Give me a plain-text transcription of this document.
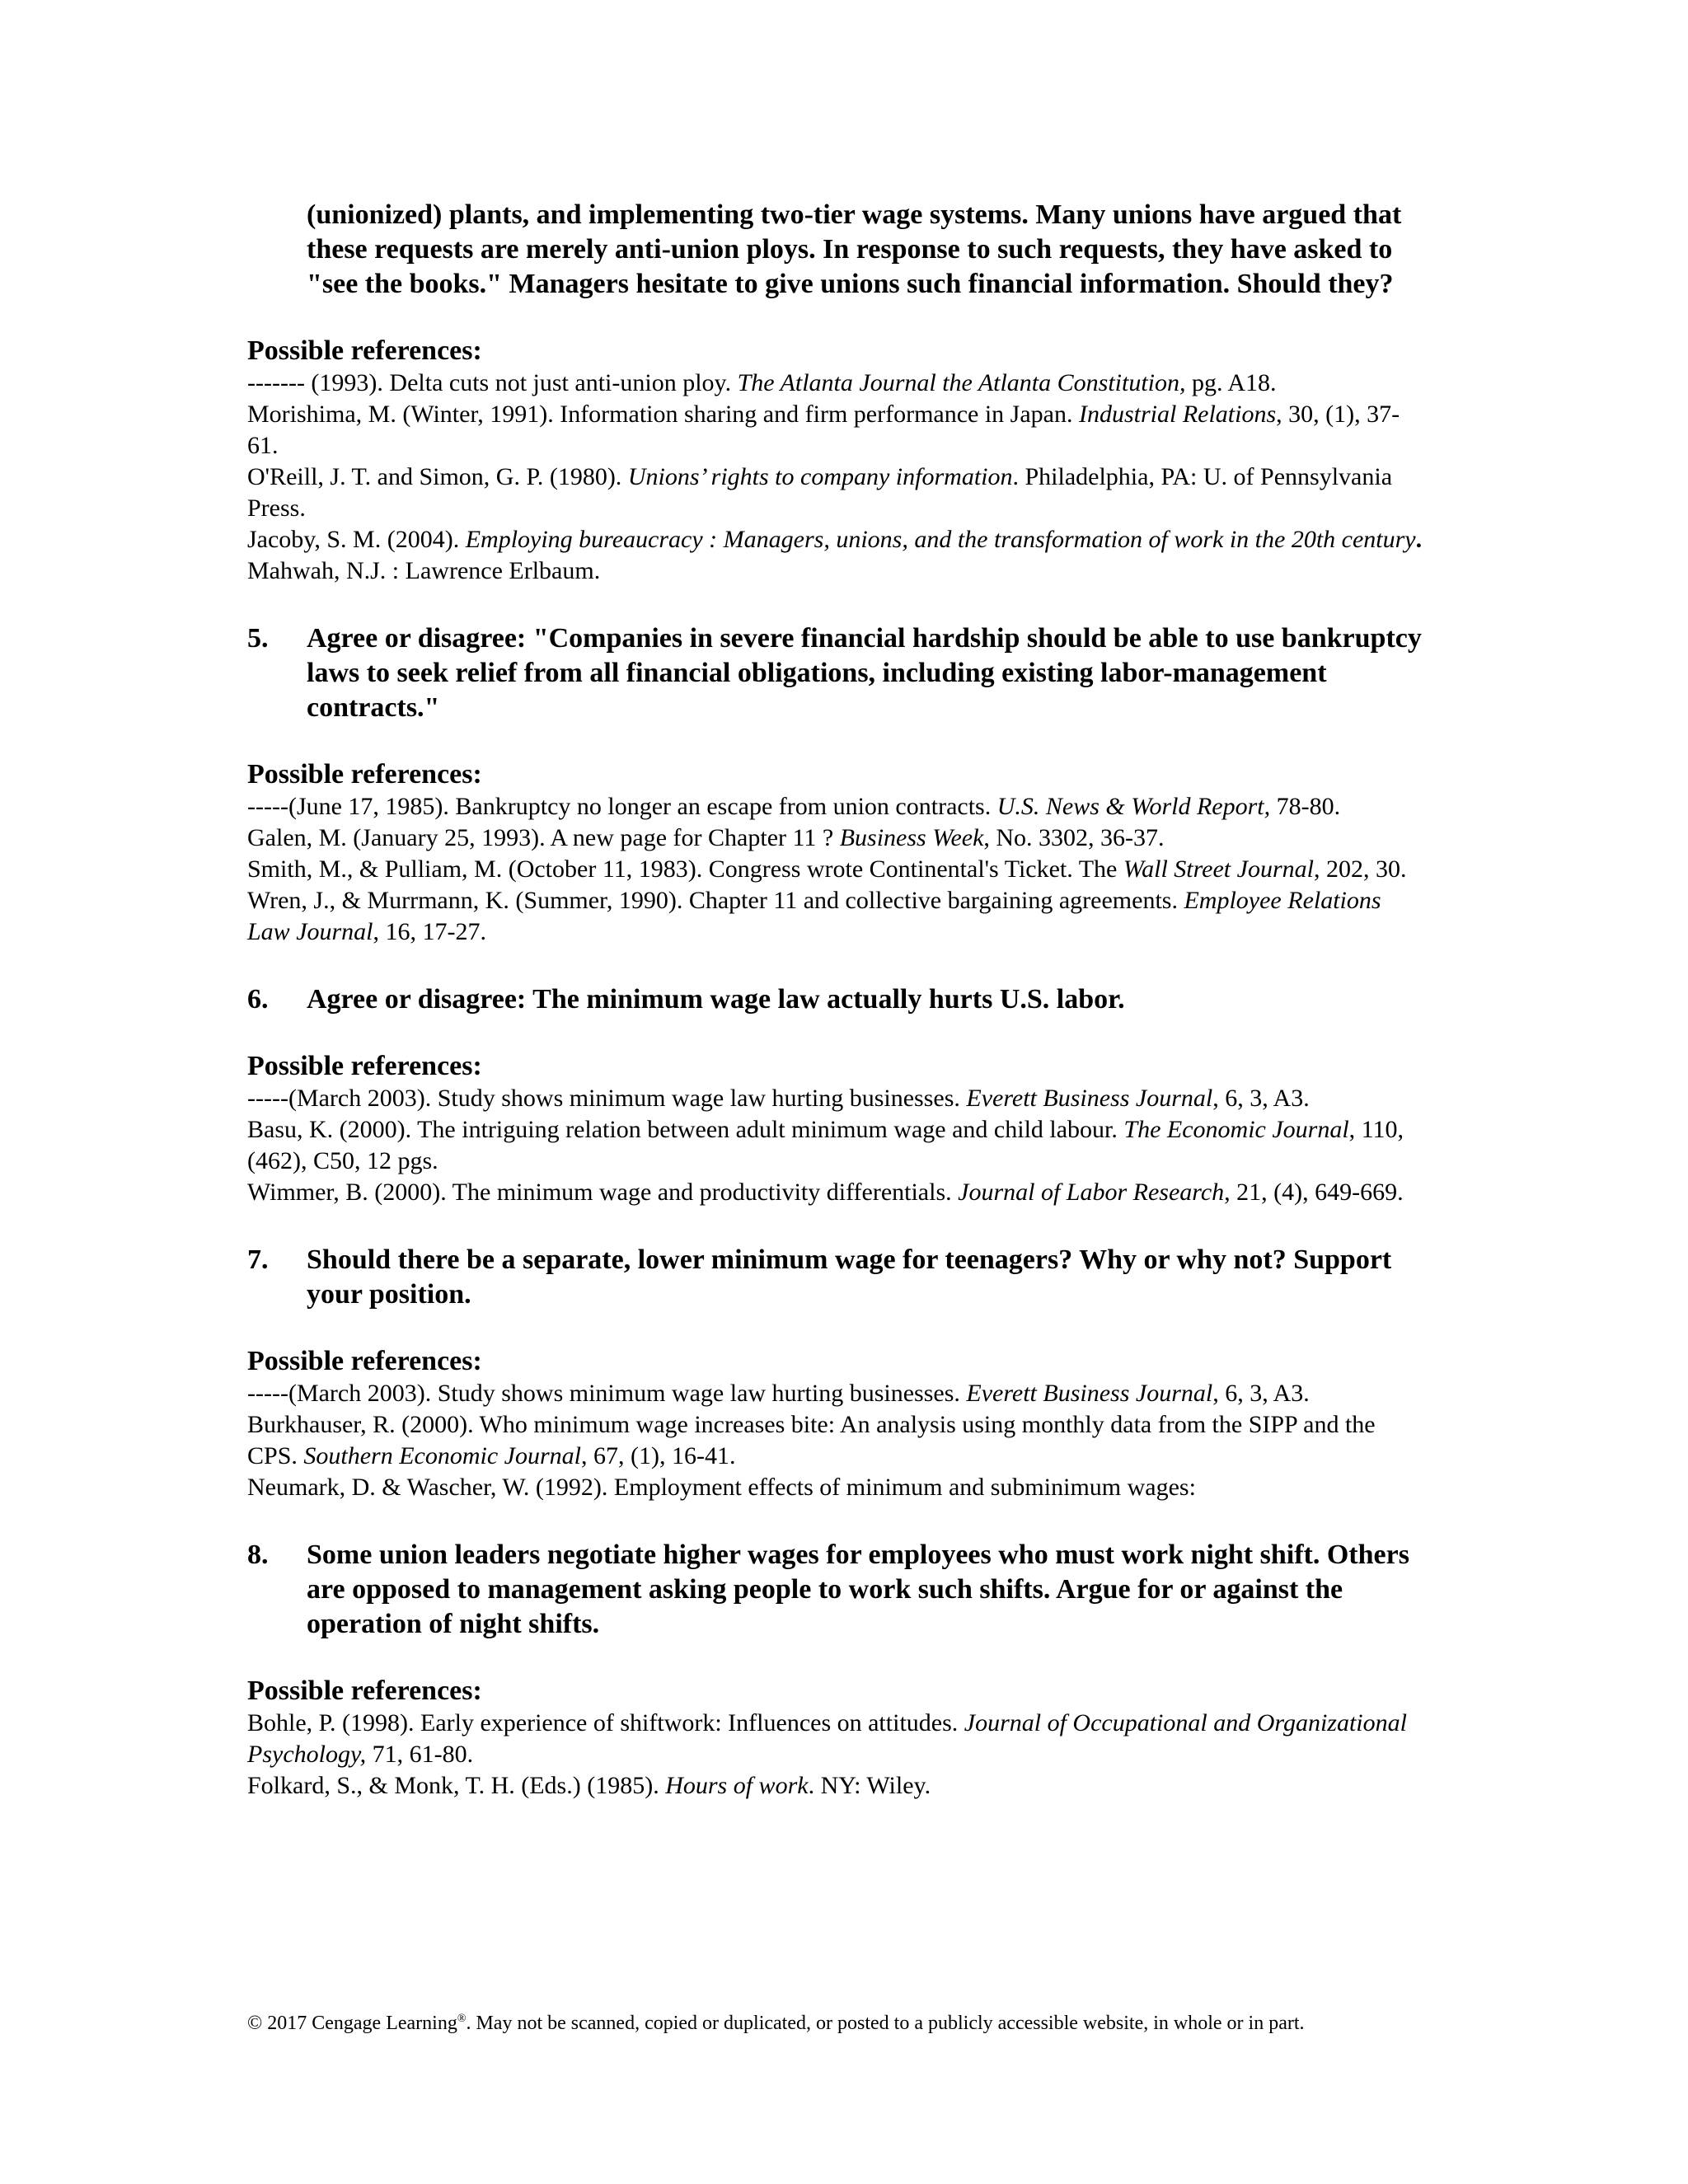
(unionized) plants, and implementing two-tier wage systems. Many unions have argued that these requests are merely anti-union ploys. In response to such requests, they have asked to "see the books." Managers hesitate to give unions such financial information. Should they?

Possible references:

------- (1993). Delta cuts not just anti-union ploy. The Atlanta Journal the Atlanta Constitution, pg. A18.
Morishima, M. (Winter, 1991). Information sharing and firm performance in Japan. Industrial Relations, 30, (1), 37-61.
O'Reill, J. T. and Simon, G. P. (1980). Unions’ rights to company information. Philadelphia, PA: U. of Pennsylvania Press.
Jacoby, S. M. (2004). Employing bureaucracy : Managers, unions, and the transformation of work in the 20th century. Mahwah, N.J. : Lawrence Erlbaum.
5.	Agree or disagree: "Companies in severe financial hardship should be able to use bankruptcy laws to seek relief from all financial obligations, including existing labor-management contracts."

Possible references:

-----(June 17, 1985). Bankruptcy no longer an escape from union contracts. U.S. News & World Report, 78-80.
Galen, M. (January 25, 1993). A new page for Chapter 11 ? Business Week, No. 3302, 36-37.
Smith, M., & Pulliam, M. (October 11, 1983). Congress wrote Continental's Ticket. The Wall Street Journal, 202, 30.
Wren, J., & Murrmann, K. (Summer, 1990). Chapter 11 and collective bargaining agreements. Employee Relations Law Journal, 16, 17-27.
6.	Agree or disagree: The minimum wage law actually hurts U.S. labor.

Possible references:

-----(March 2003). Study shows minimum wage law hurting businesses. Everett Business Journal, 6, 3, A3.
Basu, K. (2000). The intriguing relation between adult minimum wage and child labour. The Economic Journal, 110, (462), C50, 12 pgs.
Wimmer, B. (2000). The minimum wage and productivity differentials. Journal of Labor Research, 21, (4), 649-669.
7.	Should there be a separate, lower minimum wage for teenagers? Why or why not? Support your position.

Possible references:

-----(March 2003). Study shows minimum wage law hurting businesses. Everett Business Journal, 6, 3, A3.
Burkhauser, R. (2000). Who minimum wage increases bite: An analysis using monthly data from the SIPP and the CPS. Southern Economic Journal, 67, (1), 16-41.
Neumark, D. & Wascher, W. (1992). Employment effects of minimum and subminimum wages:
8.	Some union leaders negotiate higher wages for employees who must work night shift. Others are opposed to management asking people to work such shifts. Argue for or against the operation of night shifts.

Possible references:

Bohle, P. (1998). Early experience of shiftwork: Influences on attitudes. Journal of Occupational and Organizational Psychology, 71, 61-80.
Folkard, S., & Monk, T. H. (Eds.) (1985). Hours of work. NY: Wiley.
© 2017 Cengage Learning®. May not be scanned, copied or duplicated, or posted to a publicly accessible website, in whole or in part.
